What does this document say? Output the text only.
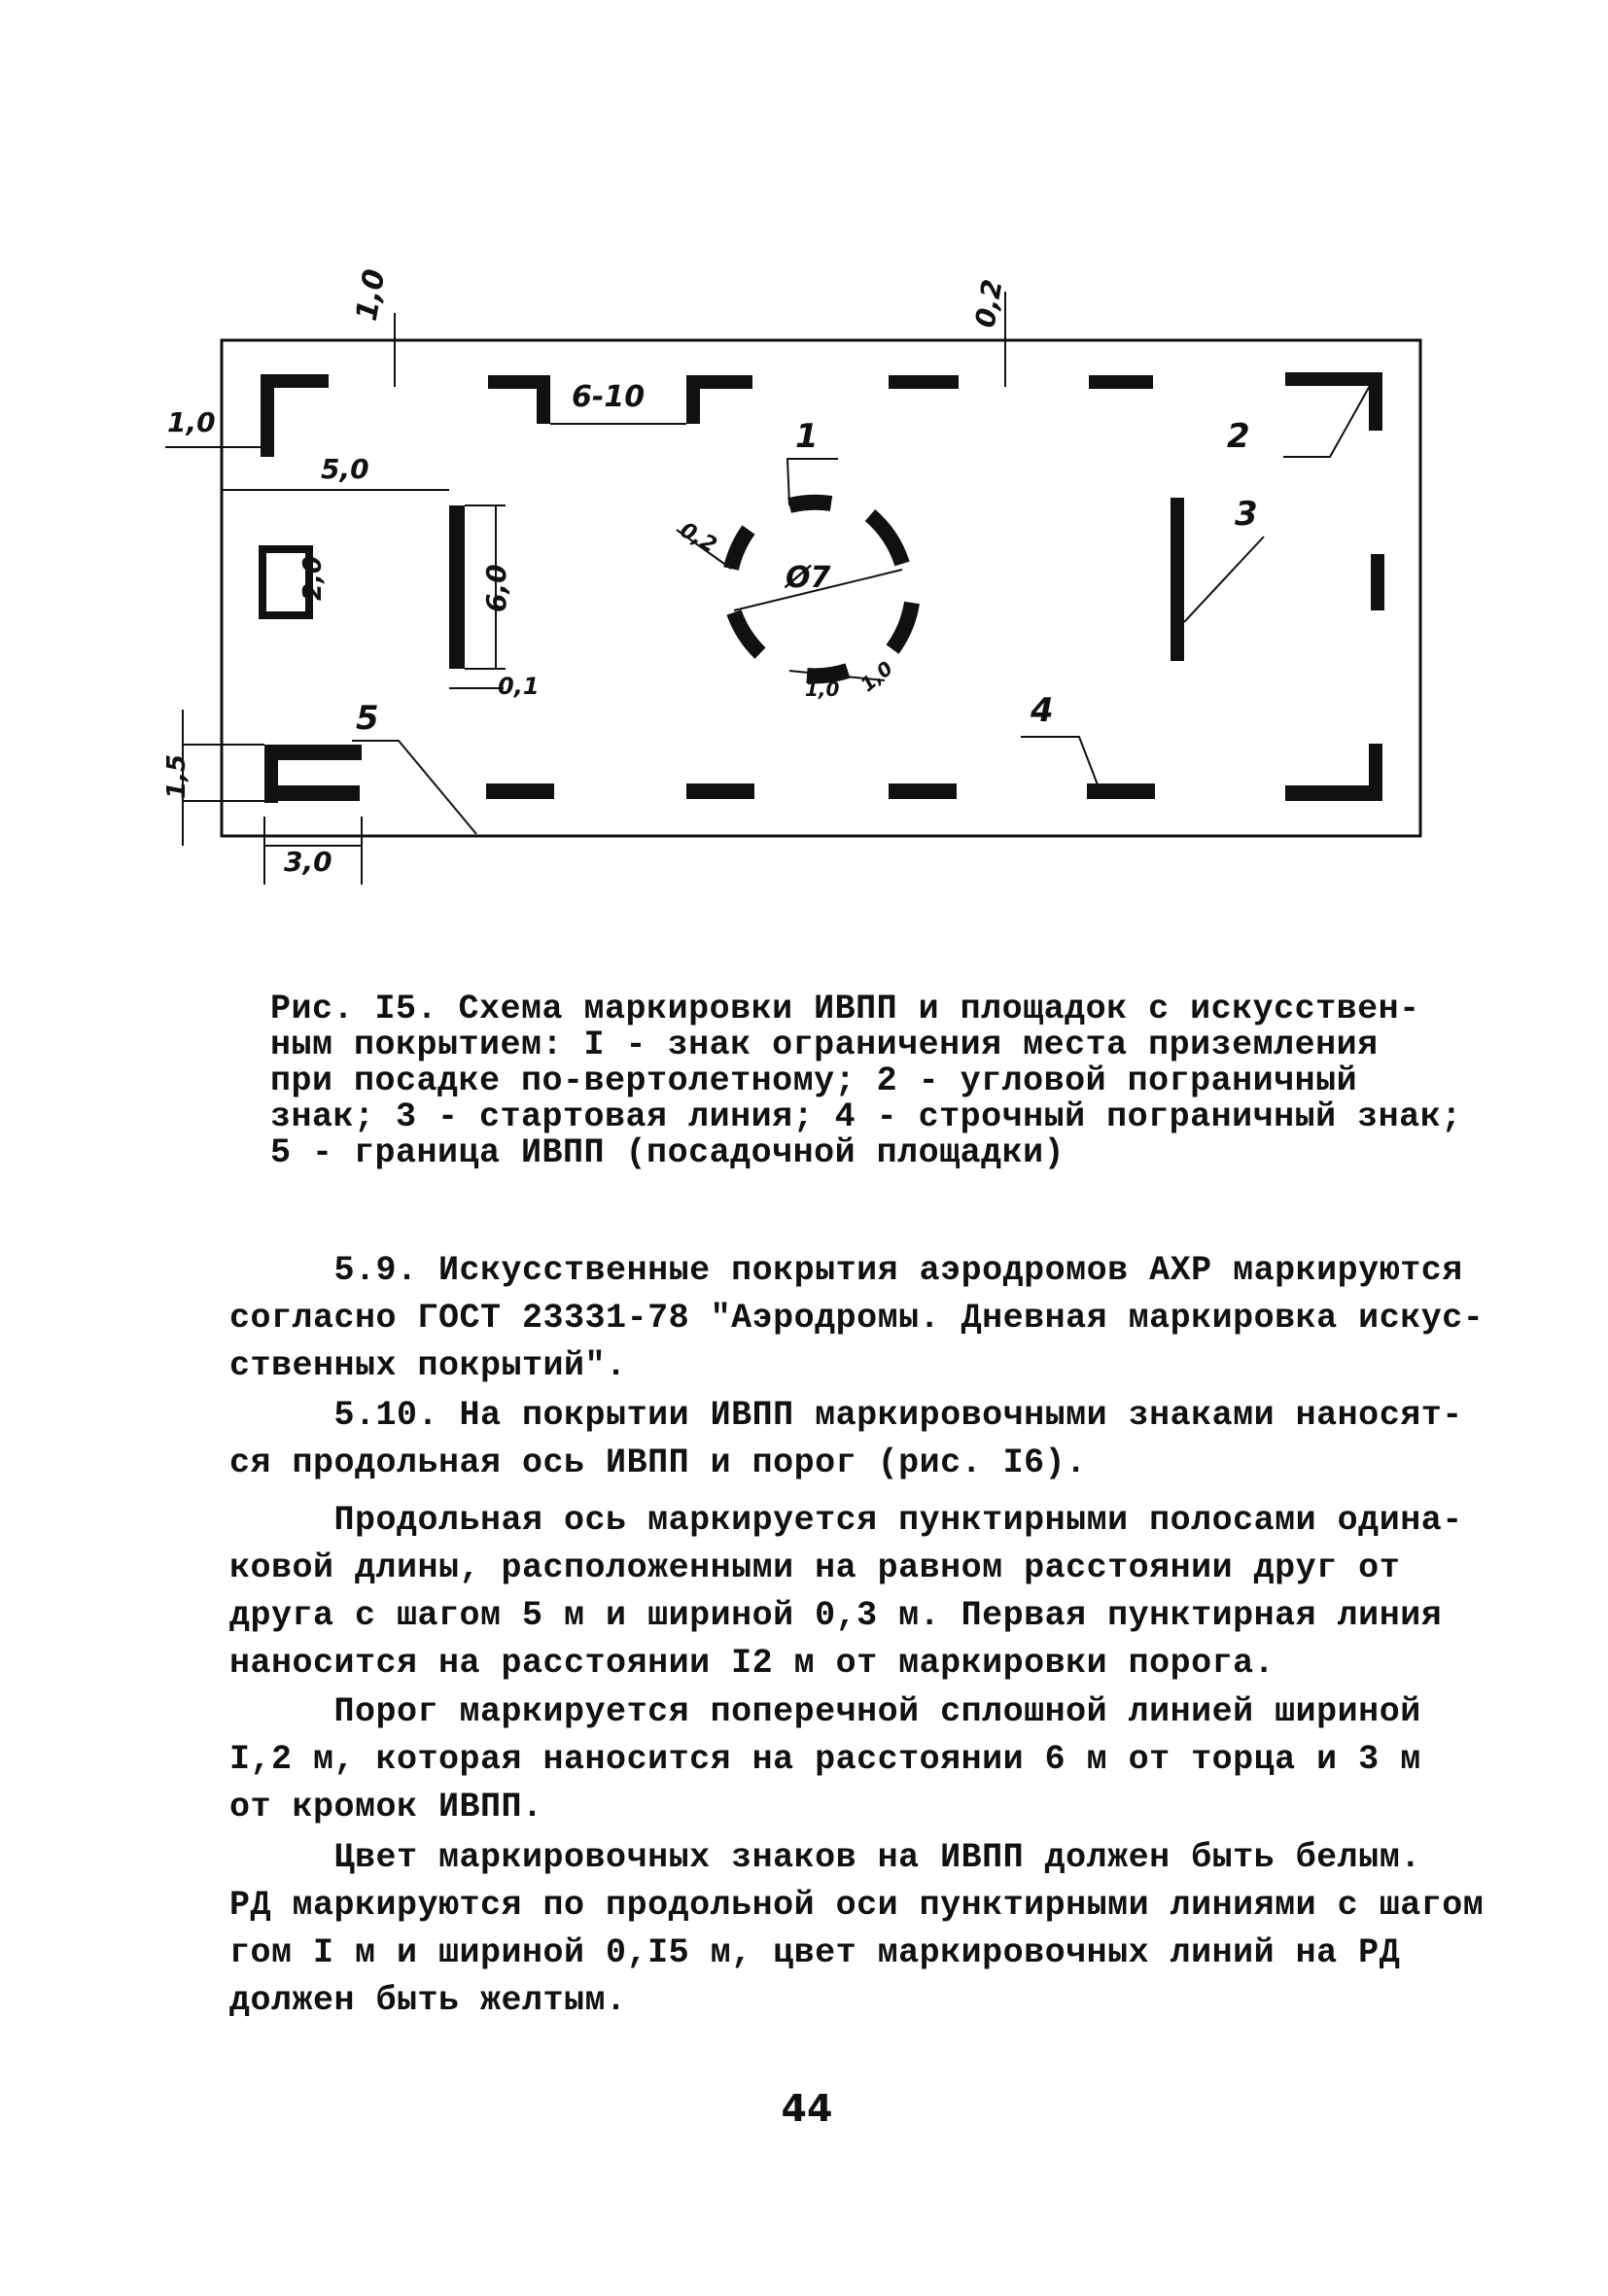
1,0
1,0
6-10
0,2
5,0
2,0	6,0
0,1
0,2
Ø7
1,0 1,0
1,5
3,0
1	2
3
4
5
Рис. I5. Схема маркировки ИВПП и площадок с искусствен-
ным покрытием: I - знак ограничения места приземления
при посадке по-вертолетному; 2 - угловой пограничный
знак; 3 - стартовая линия; 4 - строчный пограничный знак;
5 - граница ИВПП (посадочной площадки)
5.9. Искусственные покрытия аэродромов АХР маркируются
согласно ГОСТ 23331-78 "Аэродромы. Дневная маркировка искус-
ственных покрытий".
5.10. На покрытии ИВПП маркировочными знаками наносят-
ся продольная ось ИВПП и порог (рис. I6).
Продольная ось маркируется пунктирными полосами одина-
ковой длины, расположенными на равном расстоянии друг от
друга с шагом 5 м и шириной 0,3 м. Первая пунктирная линия
наносится на расстоянии I2 м от маркировки порога.
Порог маркируется поперечной сплошной линией шириной
I,2 м, которая наносится на расстоянии 6 м от торца и 3 м
от кромок ИВПП.
Цвет маркировочных знаков на ИВПП должен быть белым.
РД маркируются по продольной оси пунктирными линиями с шагом
гом I м и шириной 0,I5 м, цвет маркировочных линий на РД
должен быть желтым.
44
